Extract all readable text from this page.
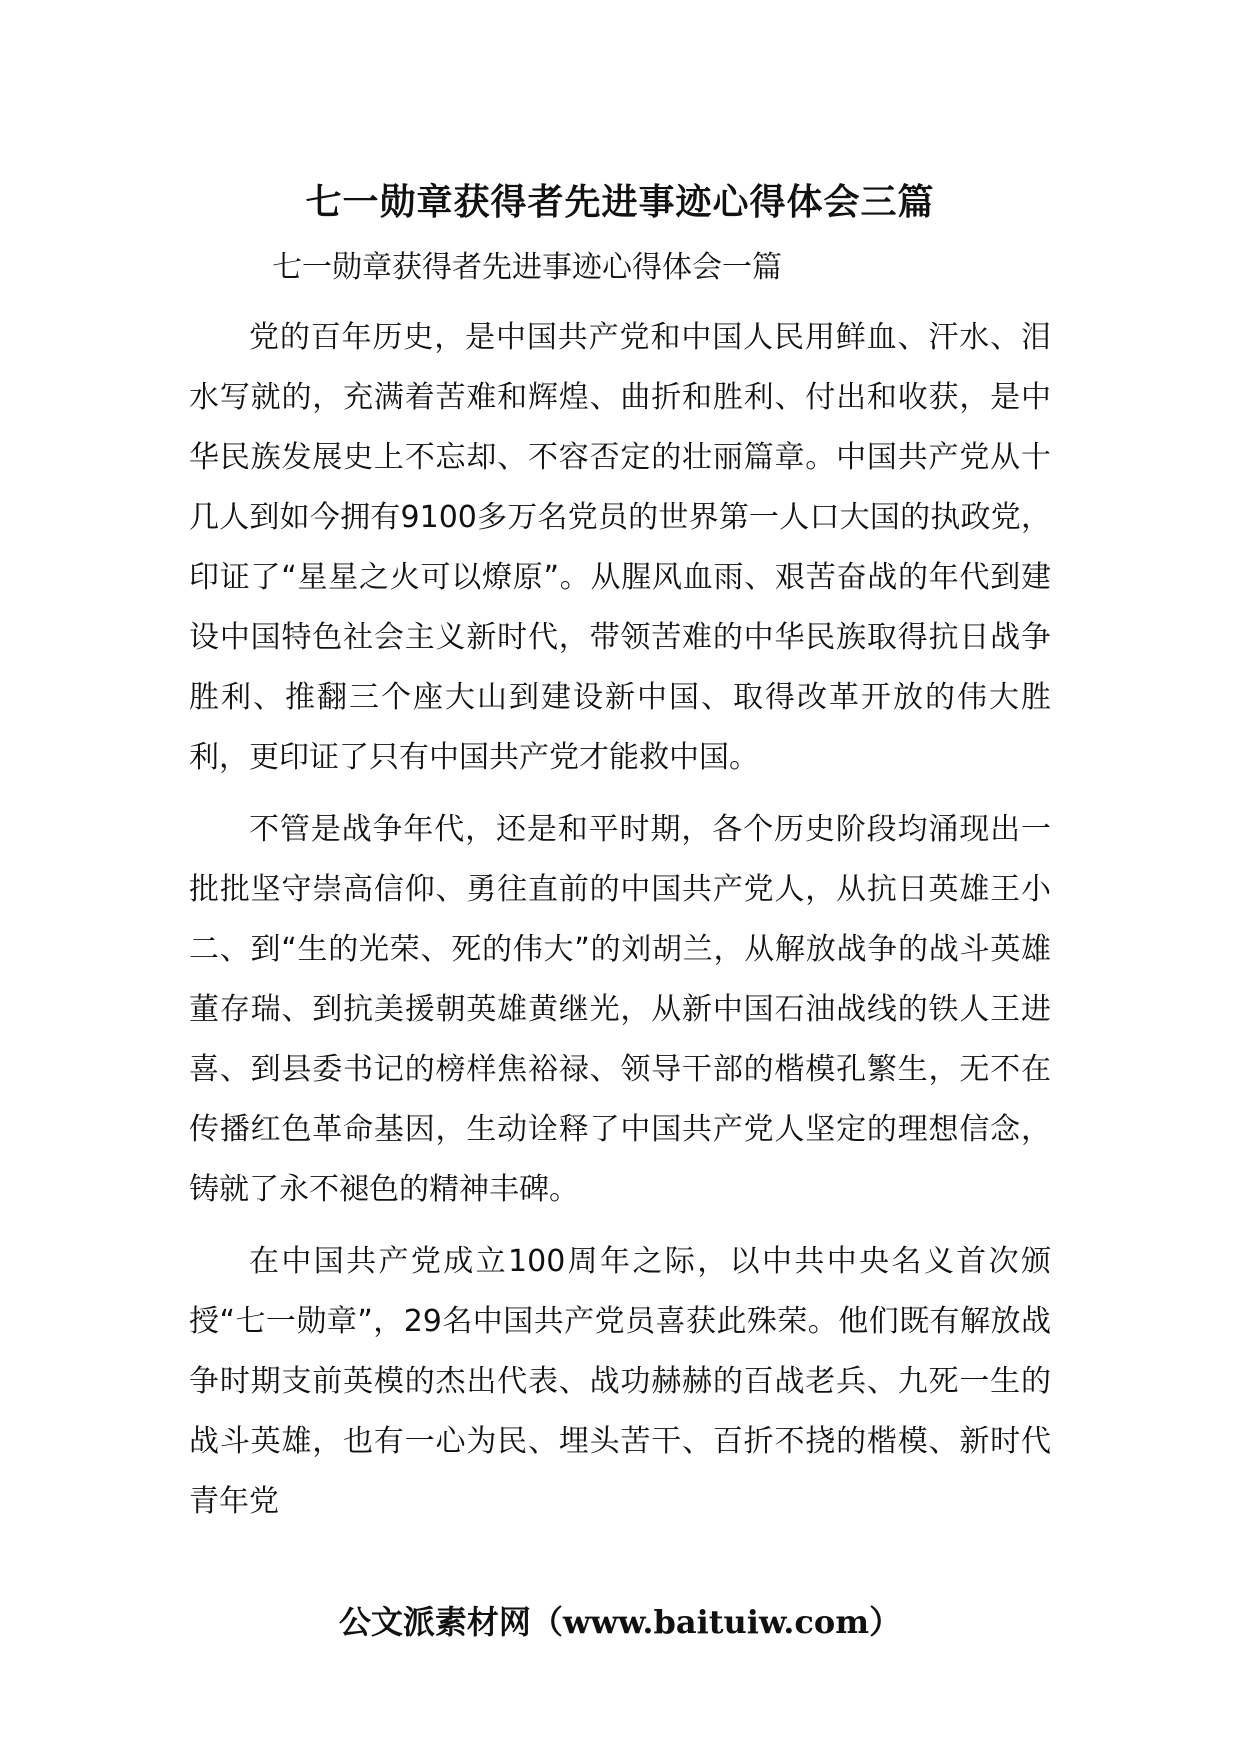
七一勋章获得者先进事迹心得体会三篇
七一勋章获得者先进事迹心得体会一篇

党的百年历史，是中国共产党和中国人民用鲜血、汗水、泪水写就的，充满着苦难和辉煌、曲折和胜利、付出和收获，是中华民族发展史上不忘却、不容否定的壮丽篇章。中国共产党从十几人到如今拥有9100多万名党员的世界第一人口大国的执政党，印证了“星星之火可以燎原”。从腥风血雨、艰苦奋战的年代到建设中国特色社会主义新时代，带领苦难的中华民族取得抗日战争胜利、推翻三个座大山到建设新中国、取得改革开放的伟大胜利，更印证了只有中国共产党才能救中国。

不管是战争年代，还是和平时期，各个历史阶段均涌现出一批批坚守崇高信仰、勇往直前的中国共产党人，从抗日英雄王小二、到“生的光荣、死的伟大”的刘胡兰，从解放战争的战斗英雄董存瑞、到抗美援朝英雄黄继光，从新中国石油战线的铁人王进喜、到县委书记的榜样焦裕禄、领导干部的楷模孔繁生，无不在传播红色革命基因，生动诠释了中国共产党人坚定的理想信念，铸就了永不褪色的精神丰碑。

在中国共产党成立100周年之际，以中共中央名义首次颁授“七一勋章”，29名中国共产党员喜获此殊荣。他们既有解放战争时期支前英模的杰出代表、战功赫赫的百战老兵、九死一生的战斗英雄，也有一心为民、埋头苦干、百折不挠的楷模、新时代青年党

公文派素材网（www.baituiw.com）
